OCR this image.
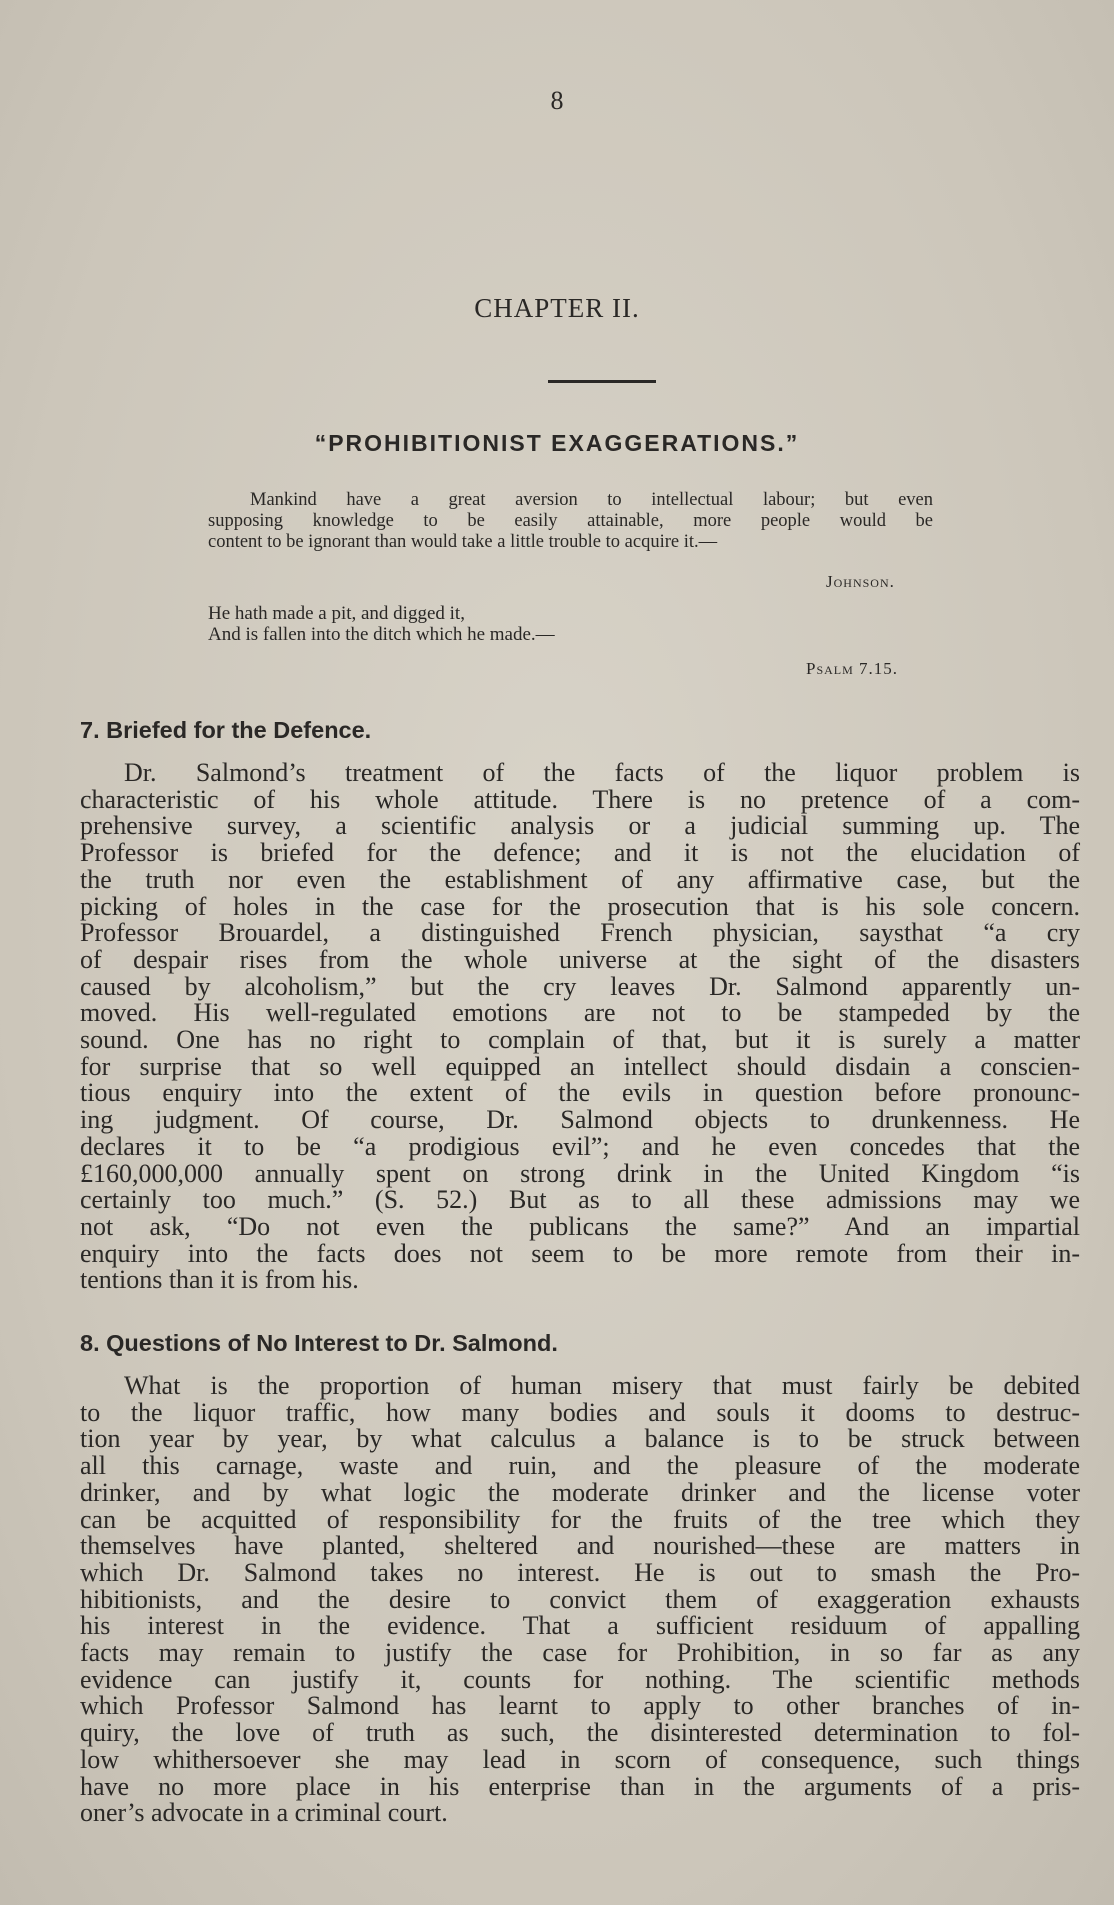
8
CHAPTER II.
“PROHIBITIONIST EXAGGERATIONS.”
Mankind have a great aversion to intellectual labour; but even
supposing knowledge to be easily attainable, more people would be
content to be ignorant than would take a little trouble to acquire it.—
Johnson.
He hath made a pit, and digged it,
And is fallen into the ditch which he made.—
Psalm 7.15.
7. Briefed for the Defence.
Dr. Salmond’s treatment of the facts of the liquor problem is
characteristic of his whole attitude. There is no pretence of a com-
prehensive survey, a scientific analysis or a judicial summing up. The
Professor is briefed for the defence; and it is not the elucidation of
the truth nor even the establishment of any affirmative case, but the
picking of holes in the case for the prosecution that is his sole concern.
Professor Brouardel, a distinguished French physician, saysthat “a cry
of despair rises from the whole universe at the sight of the disasters
caused by alcoholism,” but the cry leaves Dr. Salmond apparently un-
moved. His well-regulated emotions are not to be stampeded by the
sound. One has no right to complain of that, but it is surely a matter
for surprise that so well equipped an intellect should disdain a conscien-
tious enquiry into the extent of the evils in question before pronounc-
ing judgment. Of course, Dr. Salmond objects to drunkenness. He
declares it to be “a prodigious evil”; and he even concedes that the
£160,000,000 annually spent on strong drink in the United Kingdom “is
certainly too much.” (S. 52.) But as to all these admissions may we
not ask, “Do not even the publicans the same?” And an impartial
enquiry into the facts does not seem to be more remote from their in-
tentions than it is from his.
8. Questions of No Interest to Dr. Salmond.
What is the proportion of human misery that must fairly be debited
to the liquor traffic, how many bodies and souls it dooms to destruc-
tion year by year, by what calculus a balance is to be struck between
all this carnage, waste and ruin, and the pleasure of the moderate
drinker, and by what logic the moderate drinker and the license voter
can be acquitted of responsibility for the fruits of the tree which they
themselves have planted, sheltered and nourished—these are matters in
which Dr. Salmond takes no interest. He is out to smash the Pro-
hibitionists, and the desire to convict them of exaggeration exhausts
his interest in the evidence. That a sufficient residuum of appalling
facts may remain to justify the case for Prohibition, in so far as any
evidence can justify it, counts for nothing. The scientific methods
which Professor Salmond has learnt to apply to other branches of in-
quiry, the love of truth as such, the disinterested determination to fol-
low whithersoever she may lead in scorn of consequence, such things
have no more place in his enterprise than in the arguments of a pris-
oner’s advocate in a criminal court.
